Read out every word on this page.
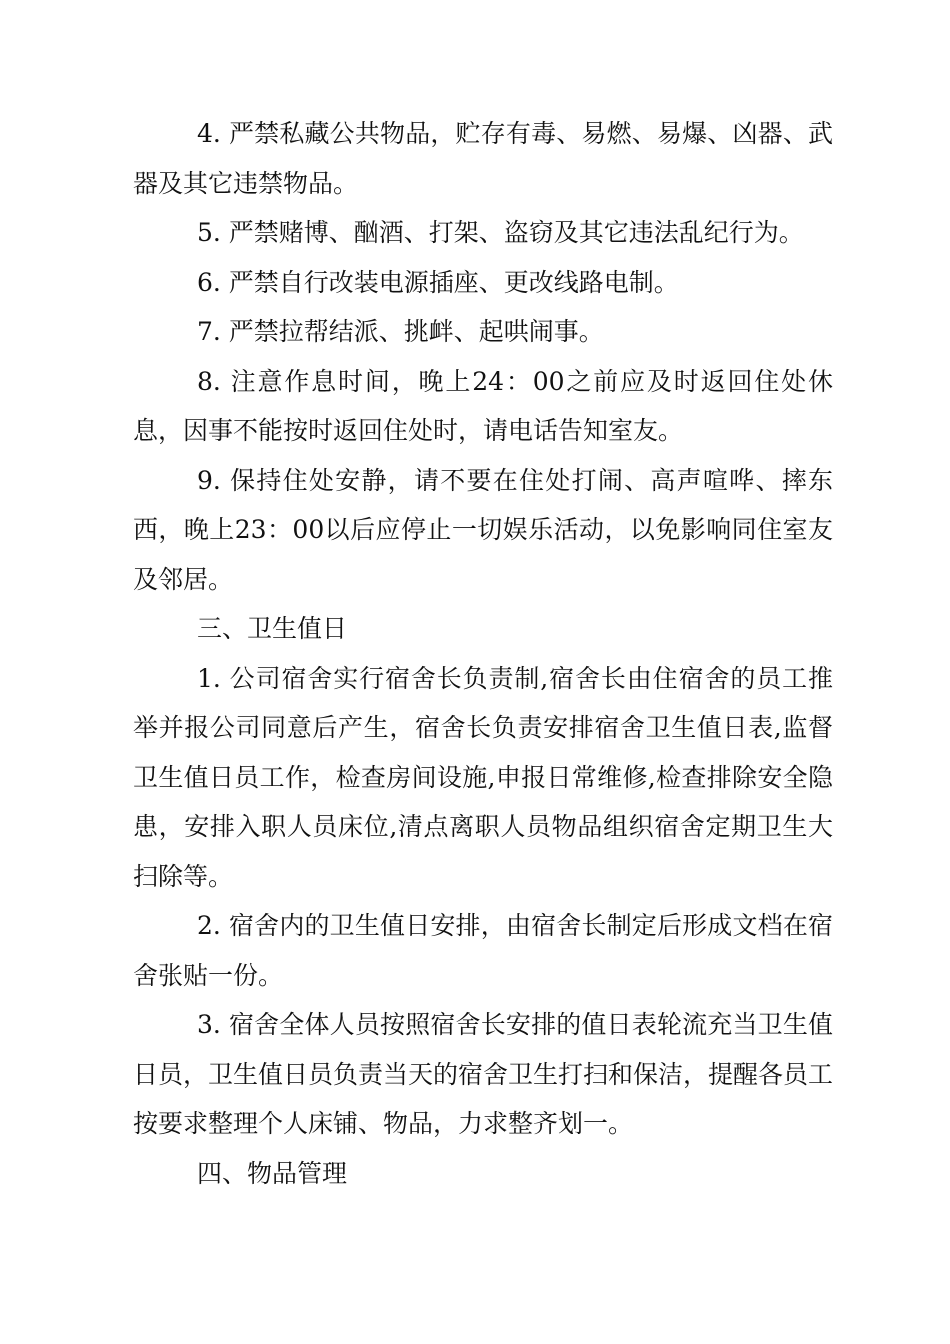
4. 严禁私藏公共物品，贮存有毒、易燃、易爆、凶器、武器及其它违禁物品。

5. 严禁赌博、酗酒、打架、盗窃及其它违法乱纪行为。

6. 严禁自行改装电源插座、更改线路电制。

7. 严禁拉帮结派、挑衅、起哄闹事。

8. 注意作息时间，晚上24：00之前应及时返回住处休息，因事不能按时返回住处时，请电话告知室友。

9. 保持住处安静，请不要在住处打闹、高声喧哗、摔东西，晚上23：00以后应停止一切娱乐活动，以免影响同住室友及邻居。

三、卫生值日

1. 公司宿舍实行宿舍长负责制,宿舍长由住宿舍的员工推举并报公司同意后产生，宿舍长负责安排宿舍卫生值日表,监督卫生值日员工作，检查房间设施,申报日常维修,检查排除安全隐患，安排入职人员床位,清点离职人员物品组织宿舍定期卫生大扫除等。

2. 宿舍内的卫生值日安排，由宿舍长制定后形成文档在宿舍张贴一份。

3. 宿舍全体人员按照宿舍长安排的值日表轮流充当卫生值日员，卫生值日员负责当天的宿舍卫生打扫和保洁，提醒各员工按要求整理个人床铺、物品，力求整齐划一。

四、物品管理
